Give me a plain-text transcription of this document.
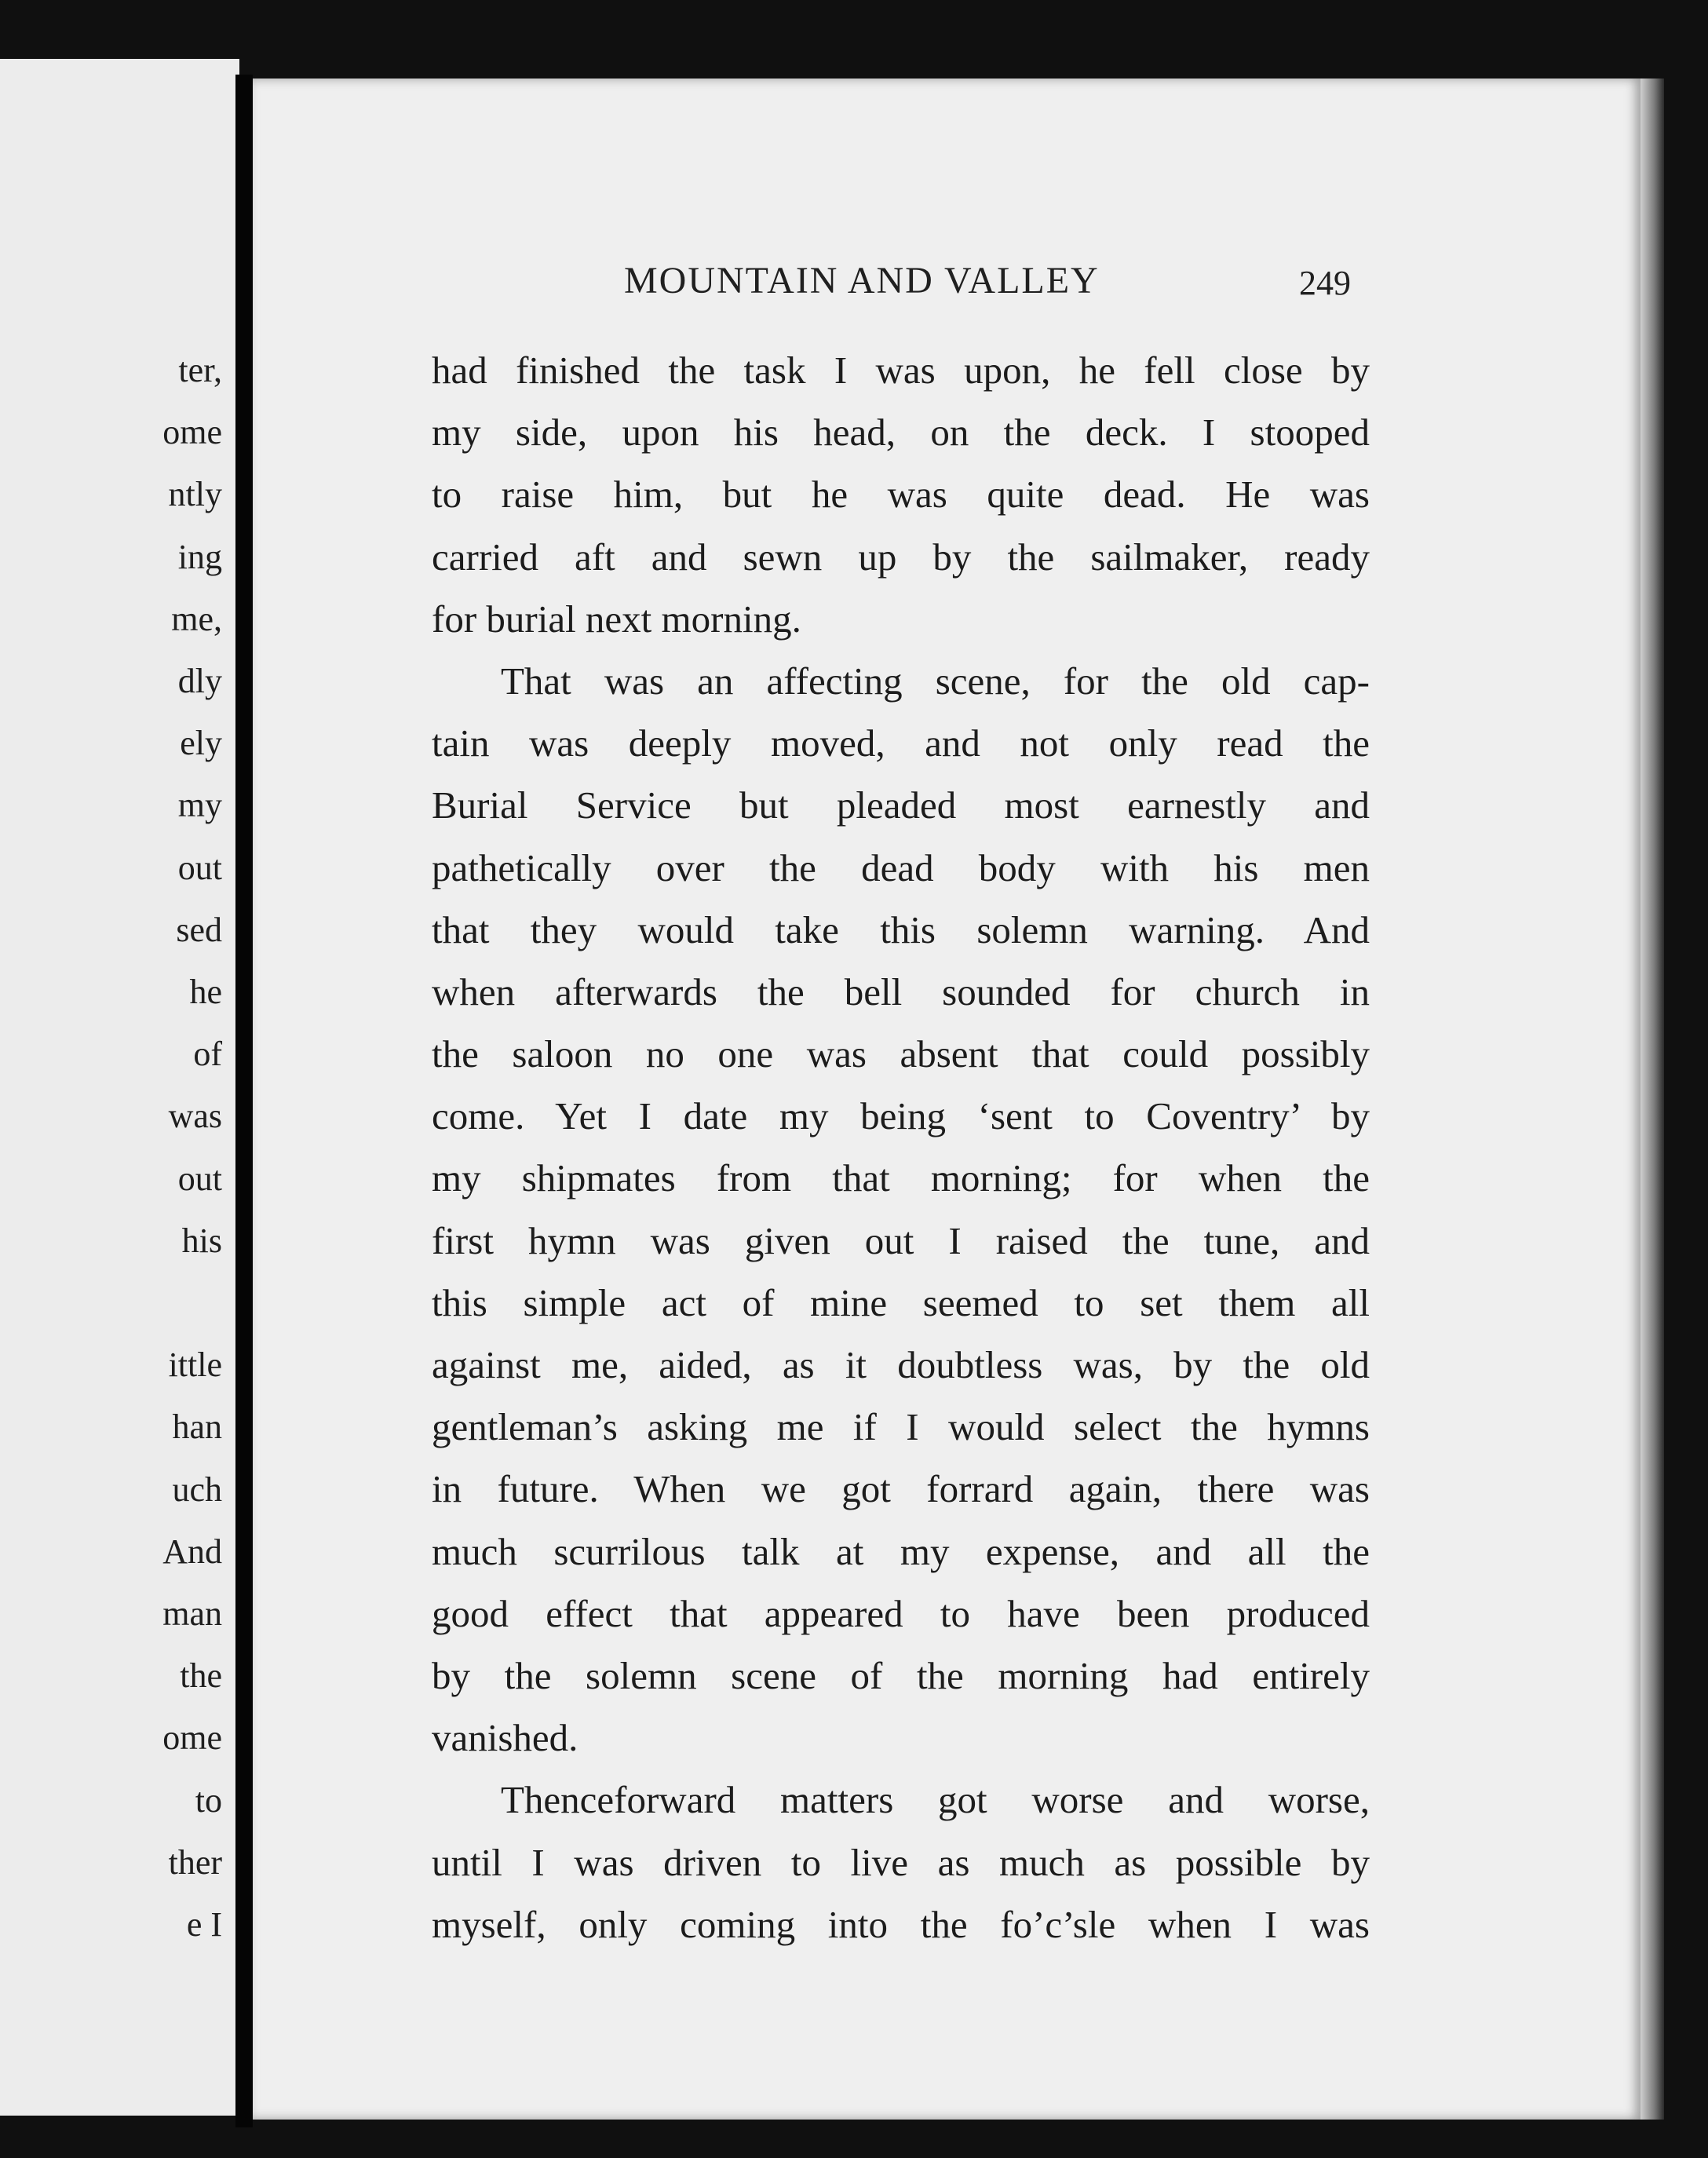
ter,
ome
ntly
ing
me,
dly
ely
my
out
sed
he
of
was
out
his
ittle
han
uch
And
man
the
ome
to
ther
e I
MOUNTAIN AND VALLEY	249
had finished the task I was upon, he fell close by
my side, upon his head, on the deck. I stooped
to raise him, but he was quite dead. He was
carried aft and sewn up by the sailmaker, ready
for burial next morning.
That was an affecting scene, for the old cap-
tain was deeply moved, and not only read the
Burial Service but pleaded most earnestly and
pathetically over the dead body with his men
that they would take this solemn warning. And
when afterwards the bell sounded for church in
the saloon no one was absent that could possibly
come. Yet I date my being ‘sent to Coventry’ by
my shipmates from that morning; for when the
first hymn was given out I raised the tune, and
this simple act of mine seemed to set them all
against me, aided, as it doubtless was, by the old
gentleman’s asking me if I would select the hymns
in future. When we got forrard again, there was
much scurrilous talk at my expense, and all the
good effect that appeared to have been produced
by the solemn scene of the morning had entirely
vanished.
Thenceforward matters got worse and worse,
until I was driven to live as much as possible by
myself, only coming into the fo’c’sle when I was
